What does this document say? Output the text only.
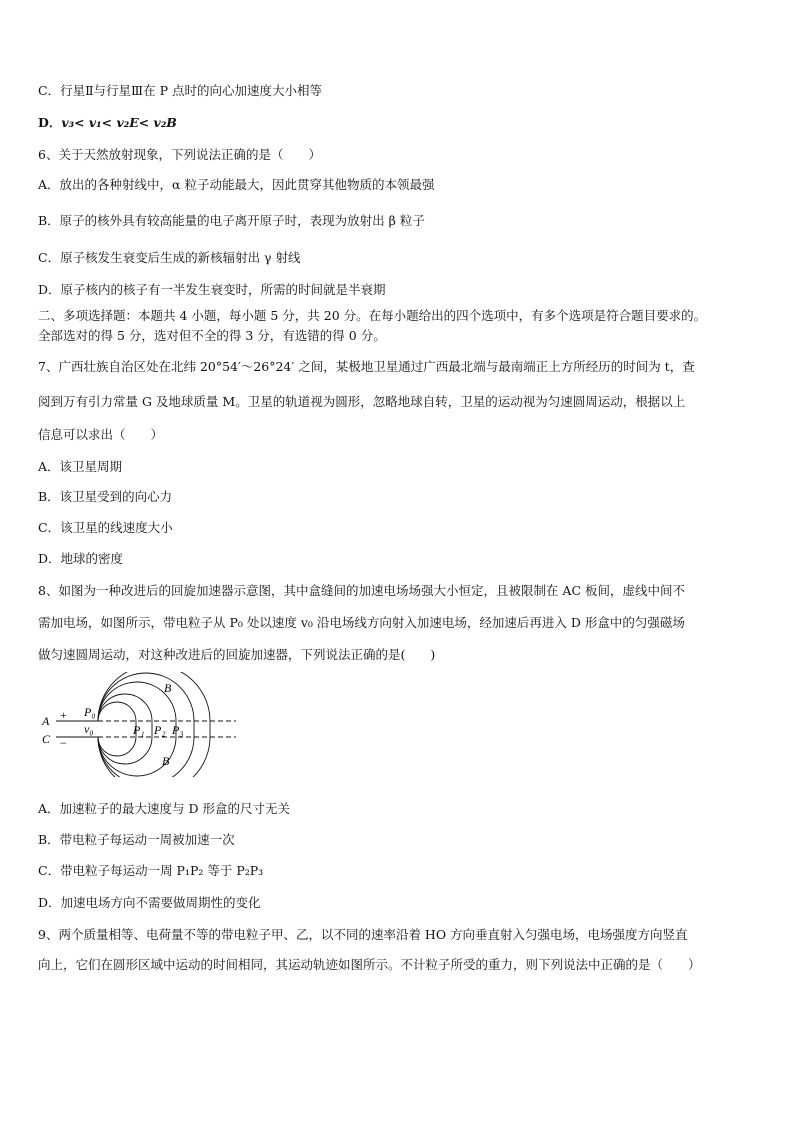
C．行星Ⅱ与行星Ⅲ在 P 点时的向心加速度大小相等
D．v₃< v₁< v₂E< v₂B
6、关于天然放射现象，下列说法正确的是（　　）
A．放出的各种射线中，α 粒子动能最大，因此贯穿其他物质的本领最强
B．原子的核外具有较高能量的电子离开原子时，表现为放射出 β 粒子
C．原子核发生衰变后生成的新核辐射出 γ 射线
D．原子核内的核子有一半发生衰变时，所需的时间就是半衰期
二、多项选择题：本题共 4 小题，每小题 5 分，共 20 分。在每小题给出的四个选项中，有多个选项是符合题目要求的。
全部选对的得 5 分，选对但不全的得 3 分，有选错的得 0 分。
7、广西壮族自治区处在北纬 20°54′～26°24′ 之间，某极地卫星通过广西最北端与最南端正上方所经历的时间为 t，查
阅到万有引力常量 G 及地球质量 M。卫星的轨道视为圆形，忽略地球自转，卫星的运动视为匀速圆周运动，根据以上
信息可以求出（　　）
A．该卫星周期
B．该卫星受到的向心力
C．该卫星的线速度大小
D．地球的密度
8、如图为一种改进后的回旋加速器示意图，其中盒缝间的加速电场场强大小恒定，且被限制在 AC 板间，虚线中间不
需加电场，如图所示，带电粒子从 P₀ 处以速度 v₀ 沿电场线方向射入加速电场，经加速后再进入 D 形盒中的匀强磁场
做匀速圆周运动，对这种改进后的回旋加速器，下列说法正确的是(　　)
A
C
+
−
P₀
v₀	P₁ P₂ P₃
B
B
A．加速粒子的最大速度与 D 形盒的尺寸无关
B．带电粒子每运动一周被加速一次
C．带电粒子每运动一周 P₁P₂ 等于 P₂P₃
D．加速电场方向不需要做周期性的变化
9、两个质量相等、电荷量不等的带电粒子甲、乙，以不同的速率沿着 HO 方向垂直射入匀强电场，电场强度方向竖直
向上，它们在圆形区域中运动的时间相同，其运动轨迹如图所示。不计粒子所受的重力，则下列说法中正确的是（　　）
